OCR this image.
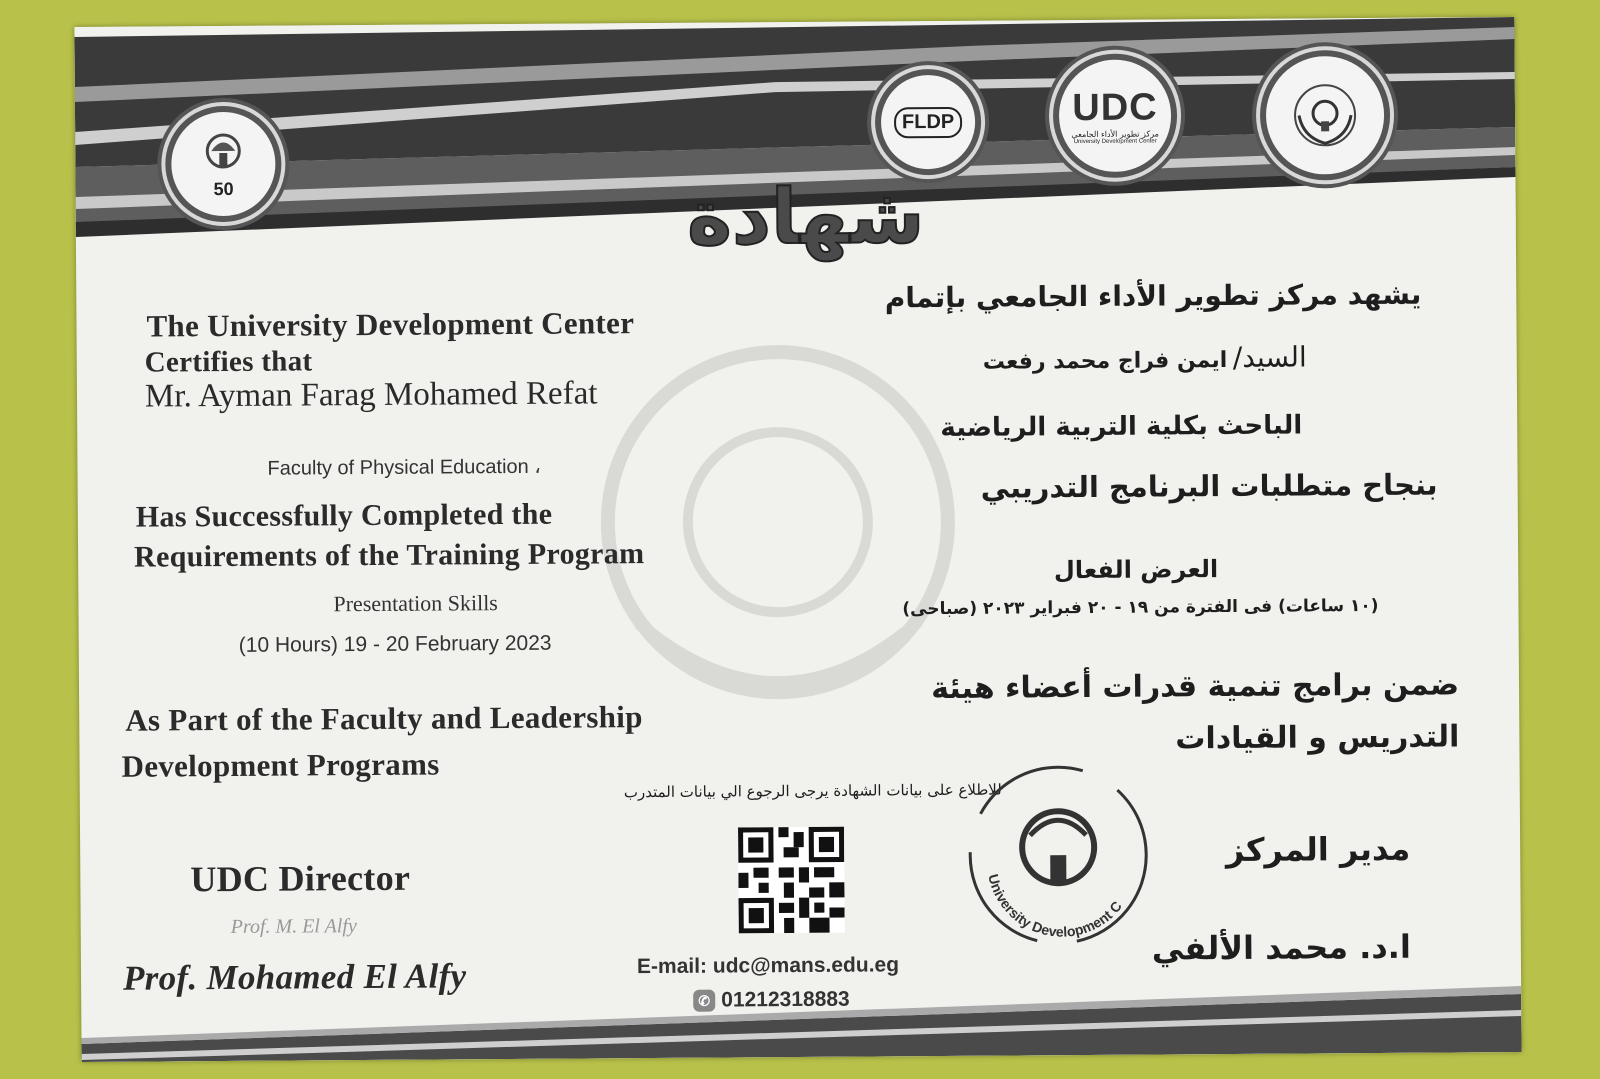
50
FLDP	UDC
مركز تطوير الأداء الجامعي
University Development Center
شهادة
The University Development Center
Certifies that
Mr. Ayman Farag Mohamed Refat
Faculty of Physical Education ،
Has Successfully Completed the
Requirements of the Training Program
Presentation Skills
(10 Hours) 19 - 20 February 2023
As Part of the Faculty and Leadership
Development Programs
UDC Director
Prof. M. El Alfy
Prof. Mohamed El Alfy
يشهد مركز تطوير الأداء الجامعي بإتمام
السيد/ ايمن فراج محمد رفعت
الباحث بكلية التربية الرياضية
بنجاح متطلبات البرنامج التدريبي
العرض الفعال
(١٠ ساعات) فى الفترة من ١٩ - ٢٠ فبراير ٢٠٢٣ (صباحى)
ضمن برامج تنمية قدرات أعضاء هيئة
التدريس و القيادات
للاطلاع على بيانات الشهادة يرجى الرجوع الي بيانات المتدرب
مدير المركز
ا.د. محمد الألفي
University Development C
E-mail: udc@mans.edu.eg
✆ 01212318883
